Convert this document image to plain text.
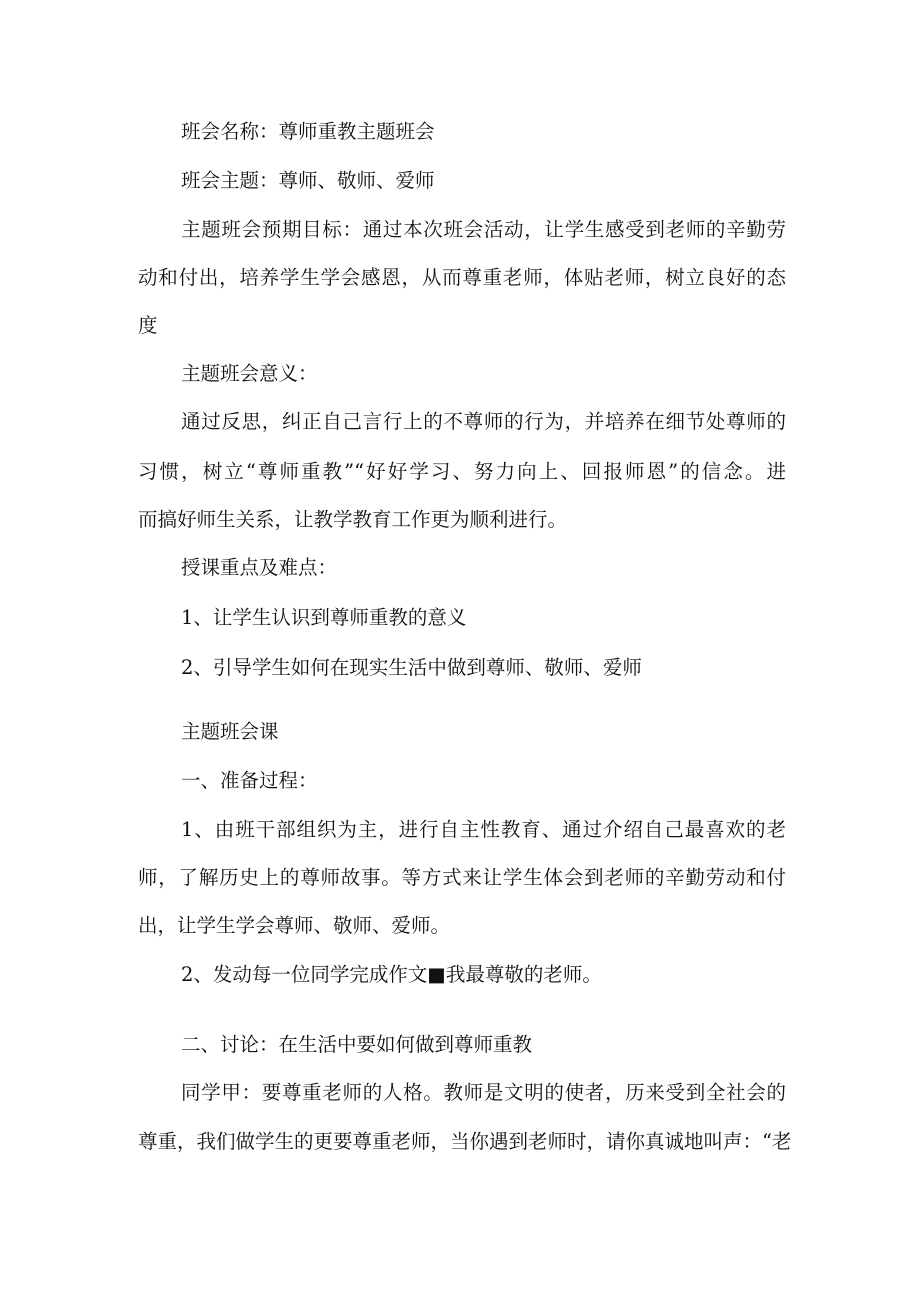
班会名称：尊师重教主题班会
班会主题：尊师、敬师、爱师
主题班会预期目标：通过本次班会活动，让学生感受到老师的辛勤劳
动和付出，培养学生学会感恩，从而尊重老师，体贴老师，树立良好的态
度
主题班会意义：
通过反思，纠正自己言行上的不尊师的行为，并培养在细节处尊师的
习惯，树立“尊师重教”“好好学习、努力向上、回报师恩”的信念。进
而搞好师生关系，让教学教育工作更为顺利进行。
授课重点及难点：
1、让学生认识到尊师重教的意义
2、引导学生如何在现实生活中做到尊师、敬师、爱师
主题班会课
一、准备过程：
1、由班干部组织为主，进行自主性教育、通过介绍自己最喜欢的老
师，了解历史上的尊师故事。等方式来让学生体会到老师的辛勤劳动和付
出，让学生学会尊师、敬师、爱师。
2、发动每一位同学完成作文■我最尊敬的老师。
二、讨论：在生活中要如何做到尊师重教
同学甲：要尊重老师的人格。教师是文明的使者，历来受到全社会的
尊重，我们做学生的更要尊重老师，当你遇到老师时，请你真诚地叫声：“老
